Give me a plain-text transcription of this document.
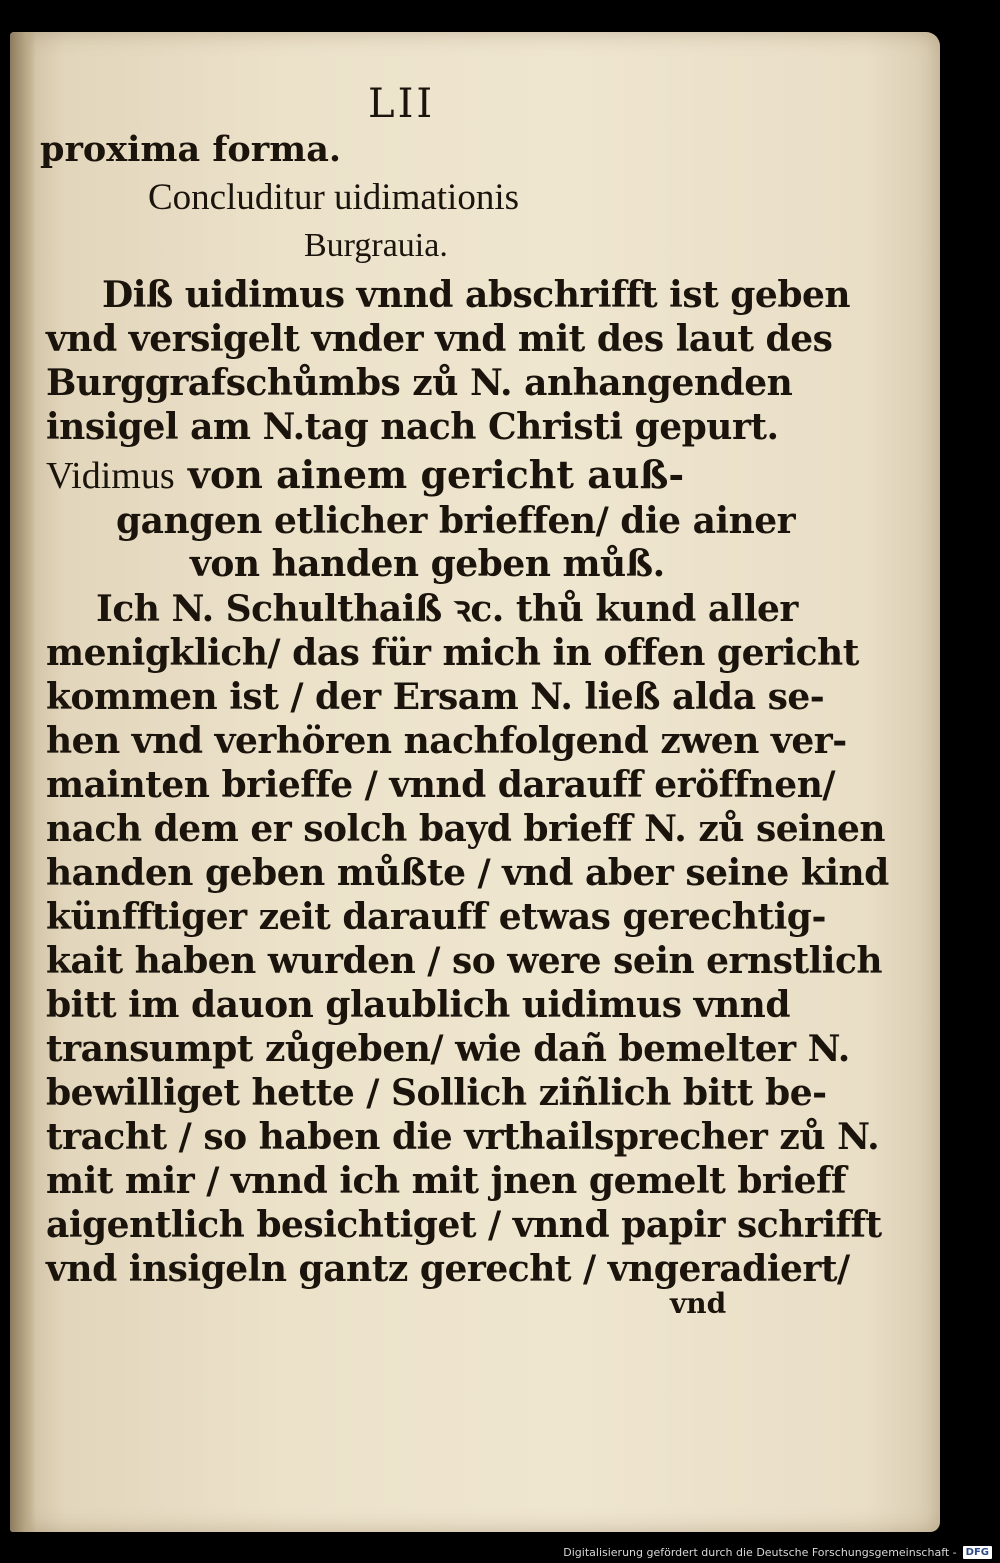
LII
proxima forma.
Concluditur uidimationis
Burgrauia.
Diß uidimus vnnd abschrifft ist geben
vnd versigelt vnder vnd mit des laut des
Burggrafschůmbs zů N. anhangenden
insigel am N.tag nach Christi gepurt.
Vidimus von ainem gericht auß-
gangen etlicher brieffen/ die ainer
von handen geben můß.
Ich N. Schulthaiß ꝛc. thů kund aller
menigklich/ das für mich in offen gericht
kommen ist / der Ersam N. ließ alda se-
hen vnd verhören nachfolgend zwen ver-
mainten brieffe / vnnd darauff eröffnen/
nach dem er solch bayd brieff N. zů seinen
handen geben můßte / vnd aber seine kind
künfftiger zeit darauff etwas gerechtig-
kait haben wurden / so were sein ernstlich
bitt im dauon glaublich uidimus vnnd
transumpt zůgeben/ wie dañ bemelter N.
bewilliget hette / Sollich ziñlich bitt be-
tracht / so haben die vrthailsprecher zů N.
mit mir / vnnd ich mit jnen gemelt brieff
aigentlich besichtiget / vnnd papir schrifft
vnd insigeln gantz gerecht / vngeradiert/
vnd
Digitalisierung gefördert durch die Deutsche Forschungsgemeinschaft - DFG
